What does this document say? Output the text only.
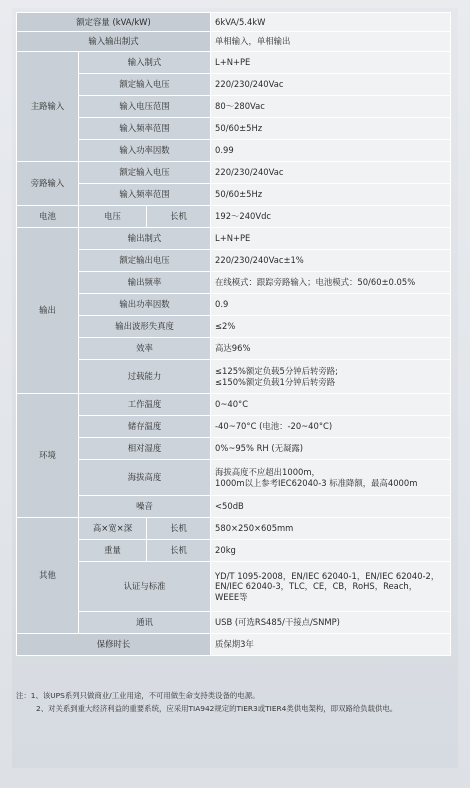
额定容量 (kVA/kW)			6kVA/5.4kW
输入输出制式			单相输入，单相输出
主路输入	输入制式		L+N+PE
	额定输入电压		220/230/240Vac
	输入电压范围		80～280Vac
	输入频率范围		50/60±5Hz
	输入功率因数		0.99
旁路输入	额定输入电压		220/230/240Vac
	输入频率范围		50/60±5Hz
电池	电压	长机	192～240Vdc
输出	输出制式		L+N+PE
	额定输出电压		220/230/240Vac±1%
	输出频率		在线模式：跟踪旁路输入；电池模式：50/60±0.05%
	输出功率因数		0.9
	输出波形失真度		≤2%
	效率		高达96%
	过载能力		≤125%额定负载5分钟后转旁路;
≤150%额定负载1分钟后转旁路

环境	工作温度		0~40°C
	储存温度		-40~70°C (电池：-20~40°C)
	相对湿度		0%~95% RH (无凝露)
	海拔高度		海拔高度不应超出1000m，
1000m以上参考IEC62040-3 标准降额，最高4000m

	噪音		<50dB
其他	高×宽×深	长机	580×250×605mm
	重量	长机	20kg
	认证与标准		YD/T 1095-2008，EN/IEC 62040-1，EN/IEC 62040-2，
EN/IEC 62040-3，TLC，CE，CB，RoHS，Reach，
WEEE等

	通讯		USB (可选RS485/干接点/SNMP)
保修时长			质保期3年

注：1、该UPS系列只做商业/工业用途，不可用做生命支持类设备的电源。

2、对关系到重大经济利益的重要系统，应采用TIA942规定的TIER3或TIER4类供电架构，即双路给负载供电。
